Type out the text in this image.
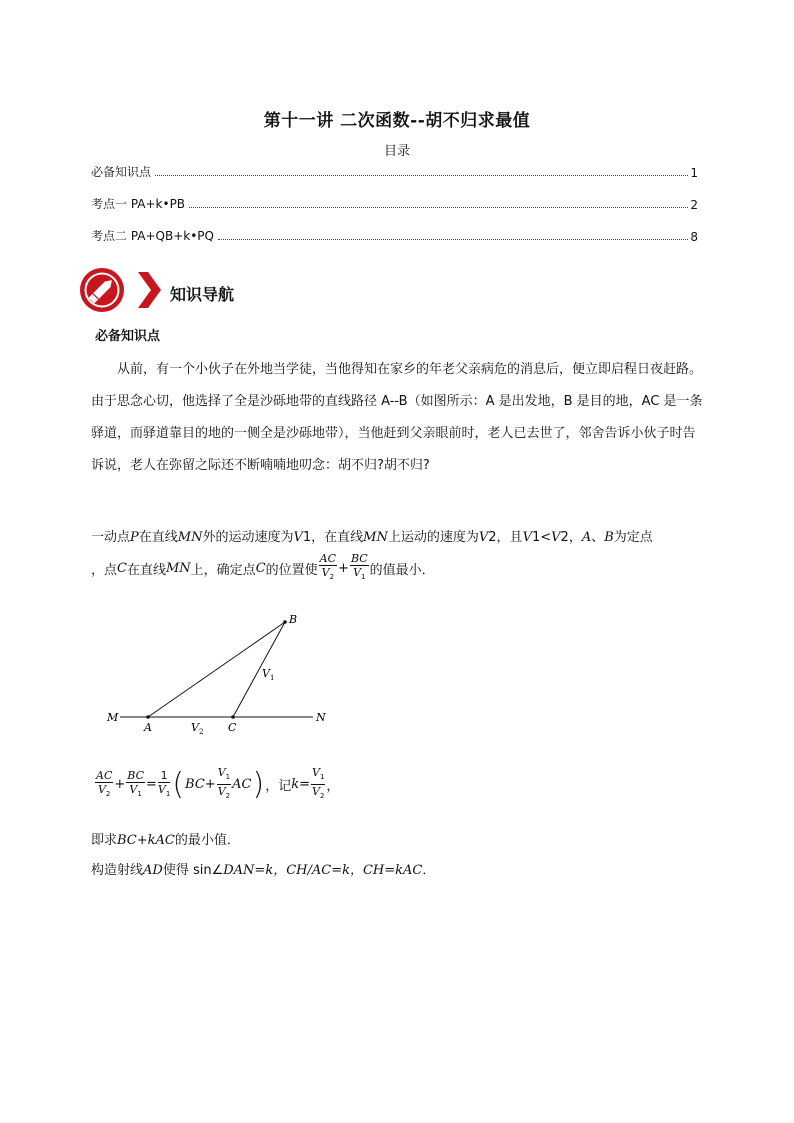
第十一讲 二次函数--胡不归求最值
目录
必备知识点	1
考点一 PA+k•PB	2
考点二 PA+QB+k•PQ	8
知识导航
必备知识点
从前，有一个小伙子在外地当学徒，当他得知在家乡的年老父亲病危的消息后，便立即启程日夜赶路。由于思念心切，他选择了全是沙砾地带的直线路径 A--B（如图所示：A 是出发地，B 是目的地，AC 是一条驿道，而驿道靠目的地的一侧全是沙砾地带），当他赶到父亲眼前时，老人已去世了，邻舍告诉小伙子时告诉说，老人在弥留之际还不断喃喃地叨念：胡不归?胡不归?
一动点P在直线MN外的运动速度为V1，在直线MN上运动的速度为V2，且V1<V2，A、B为定点
，点 C 在直线 MN 上，确定点 C 的位置使 $\frac{AC}{V_2} + \frac{BC}{V_1}$ 的值最小．
M
A	V 2 C
N
B
V 1
$\frac{AC}{V_2} + \frac{BC}{V_1} = \frac{1}{V_1}$ ( BC + $\frac{V_1}{V_2}$ AC ) ，记 $k = \frac{V_1}{V_2}$ ，
即求BC+kAC的最小值．
构造射线AD使得 sin∠DAN=k，CH/AC=k，CH=kAC．
